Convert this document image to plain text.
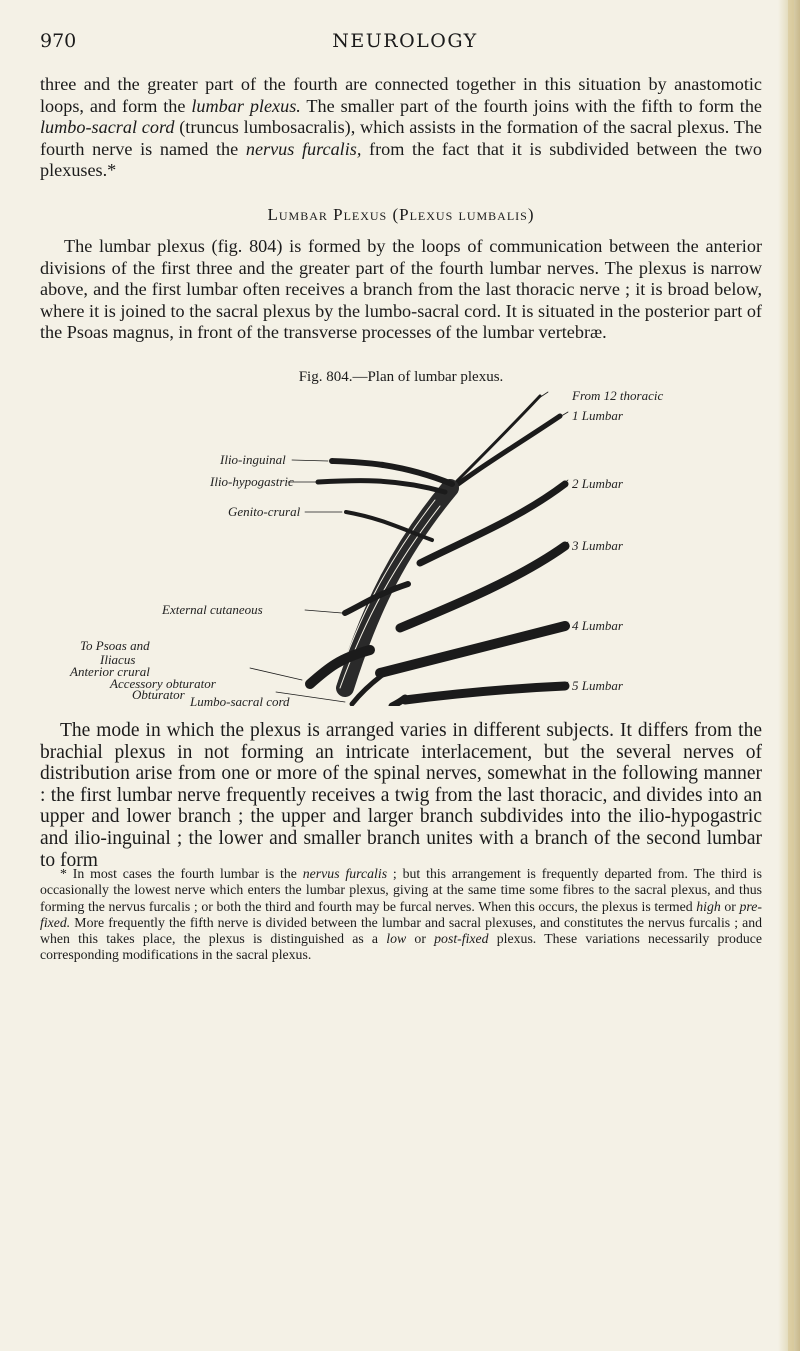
970	NEUROLOGY

three and the greater part of the fourth are connected together in this situation by anastomotic loops, and form the lumbar plexus. The smaller part of the fourth joins with the fifth to form the lumbo-sacral cord (truncus lumbosacralis), which assists in the formation of the sacral plexus. The fourth nerve is named the nervus furcalis, from the fact that it is subdivided between the two plexuses.*

Lumbar Plexus (Plexus lumbalis)

The lumbar plexus (fig. 804) is formed by the loops of communication between the anterior divisions of the first three and the greater part of the fourth lumbar nerves. The plexus is narrow above, and the first lumbar often receives a branch from the last thoracic nerve ; it is broad below, where it is joined to the sacral plexus by the lumbo-sacral cord. It is situated in the posterior part of the Psoas magnus, in front of the transverse processes of the lumbar vertebræ.

Fig. 804.—Plan of lumbar plexus.
From 12 thoracic
1 Lumbar
Ilio-inguinal
Ilio-hypogastric	2 Lumbar
Genito-crural
3 Lumbar
External cutaneous
4 Lumbar
To Psoas and
Iliacus
5 Lumbar
Anterior crural
Accessory obturator
Obturator Lumbo-sacral cord

The mode in which the plexus is arranged varies in different subjects. It differs from the brachial plexus in not forming an intricate interlacement, but the several nerves of distribution arise from one or more of the spinal nerves, somewhat in the following manner : the first lumbar nerve frequently receives a twig from the last thoracic, and divides into an upper and lower branch ; the upper and larger branch subdivides into the ilio-hypogastric and ilio-inguinal ; the lower and smaller branch unites with a branch of the second lumbar to form

* In most cases the fourth lumbar is the nervus furcalis ; but this arrangement is frequently departed from. The third is occasionally the lowest nerve which enters the lumbar plexus, giving at the same time some fibres to the sacral plexus, and thus forming the nervus furcalis ; or both the third and fourth may be furcal nerves. When this occurs, the plexus is termed high or pre-fixed. More frequently the fifth nerve is divided between the lumbar and sacral plexuses, and constitutes the nervus furcalis ; and when this takes place, the plexus is distinguished as a low or post-fixed plexus. These variations necessarily produce corresponding modifications in the sacral plexus.
